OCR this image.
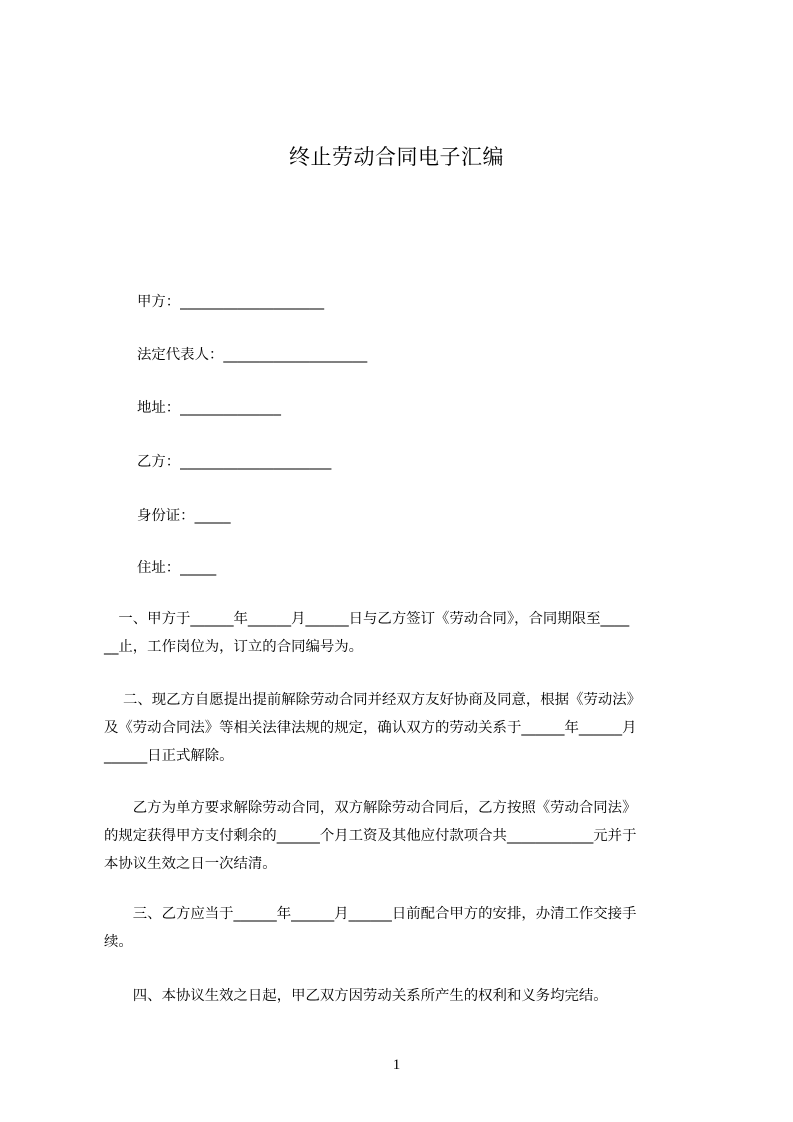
终止劳动合同电子汇编
甲方：____________________
法定代表人：____________________
地址：______________
乙方：_____________________
身份证：_____
住址：_____
　一、甲方于______年______月______日与乙方签订《劳动合同》，合同期限至____
__止，工作岗位为，订立的合同编号为。
　 二、现乙方自愿提出提前解除劳动合同并经双方友好协商及同意，根据《劳动法》
及《劳动合同法》等相关法律法规的规定，确认双方的劳动关系于______年______月
______日正式解除。
　　乙方为单方要求解除劳动合同，双方解除劳动合同后，乙方按照《劳动合同法》
的规定获得甲方支付剩余的______个月工资及其他应付款项合共____________元并于
本协议生效之日一次结清。
　　三、乙方应当于______年______月______日前配合甲方的安排，办清工作交接手
续。
　　四、本协议生效之日起，甲乙双方因劳动关系所产生的权利和义务均完结。
1
